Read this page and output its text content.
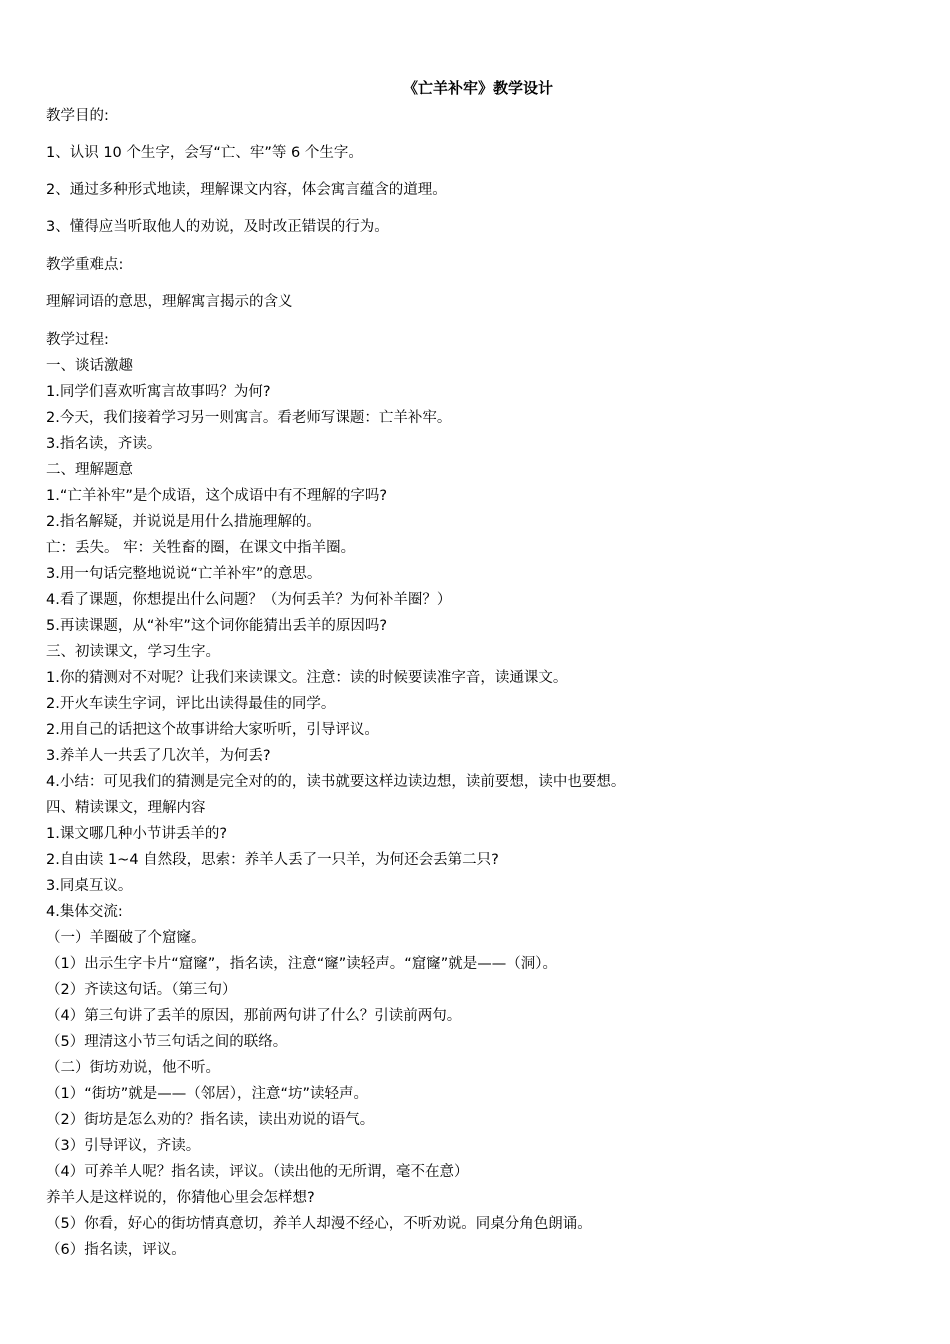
《亡羊补牢》教学设计
教学目的:
1、认识 10 个生字，会写“亡、牢”等 6 个生字。
2、通过多种形式地读，理解课文内容，体会寓言蕴含的道理。
3、懂得应当听取他人的劝说，及时改正错误的行为。
教学重难点:
理解词语的意思，理解寓言揭示的含义
教学过程:
一、谈话激趣
1.同学们喜欢听寓言故事吗？为何?
2.今天，我们接着学习另一则寓言。看老师写课题：亡羊补牢。
3.指名读，齐读。
二、理解题意
1.“亡羊补牢”是个成语，这个成语中有不理解的字吗?
2.指名解疑，并说说是用什么措施理解的。
亡：丢失。 牢：关牲畜的圈，在课文中指羊圈。
3.用一句话完整地说说“亡羊补牢”的意思。
4.看了课题，你想提出什么问题？（为何丢羊？为何补羊圈？）
5.再读课题，从“补牢”这个词你能猜出丢羊的原因吗?
三、初读课文，学习生字。
1.你的猜测对不对呢？让我们来读课文。注意：读的时候要读准字音，读通课文。
2.开火车读生字词，评比出读得最佳的同学。
2.用自己的话把这个故事讲给大家听听，引导评议。
3.养羊人一共丢了几次羊，为何丢?
4.小结：可见我们的猜测是完全对的的，读书就要这样边读边想，读前要想，读中也要想。
四、精读课文，理解内容
1.课文哪几种小节讲丢羊的?
2.自由读 1~4 自然段，思索：养羊人丢了一只羊，为何还会丢第二只?
3.同桌互议。
4.集体交流:
（一）羊圈破了个窟窿。
（1）出示生字卡片“窟窿”，指名读，注意“窿”读轻声。“窟窿”就是——（洞）。
（2）齐读这句话。（第三句）
（4）第三句讲了丢羊的原因，那前两句讲了什么？引读前两句。
（5）理清这小节三句话之间的联络。
（二）街坊劝说，他不听。
（1）“街坊”就是——（邻居），注意“坊”读轻声。
（2）街坊是怎么劝的？指名读，读出劝说的语气。
（3）引导评议，齐读。
（4）可养羊人呢？指名读，评议。（读出他的无所谓，毫不在意）
养羊人是这样说的，你猜他心里会怎样想?
（5）你看，好心的街坊情真意切，养羊人却漫不经心，不听劝说。同桌分角色朗诵。
（6）指名读，评议。
